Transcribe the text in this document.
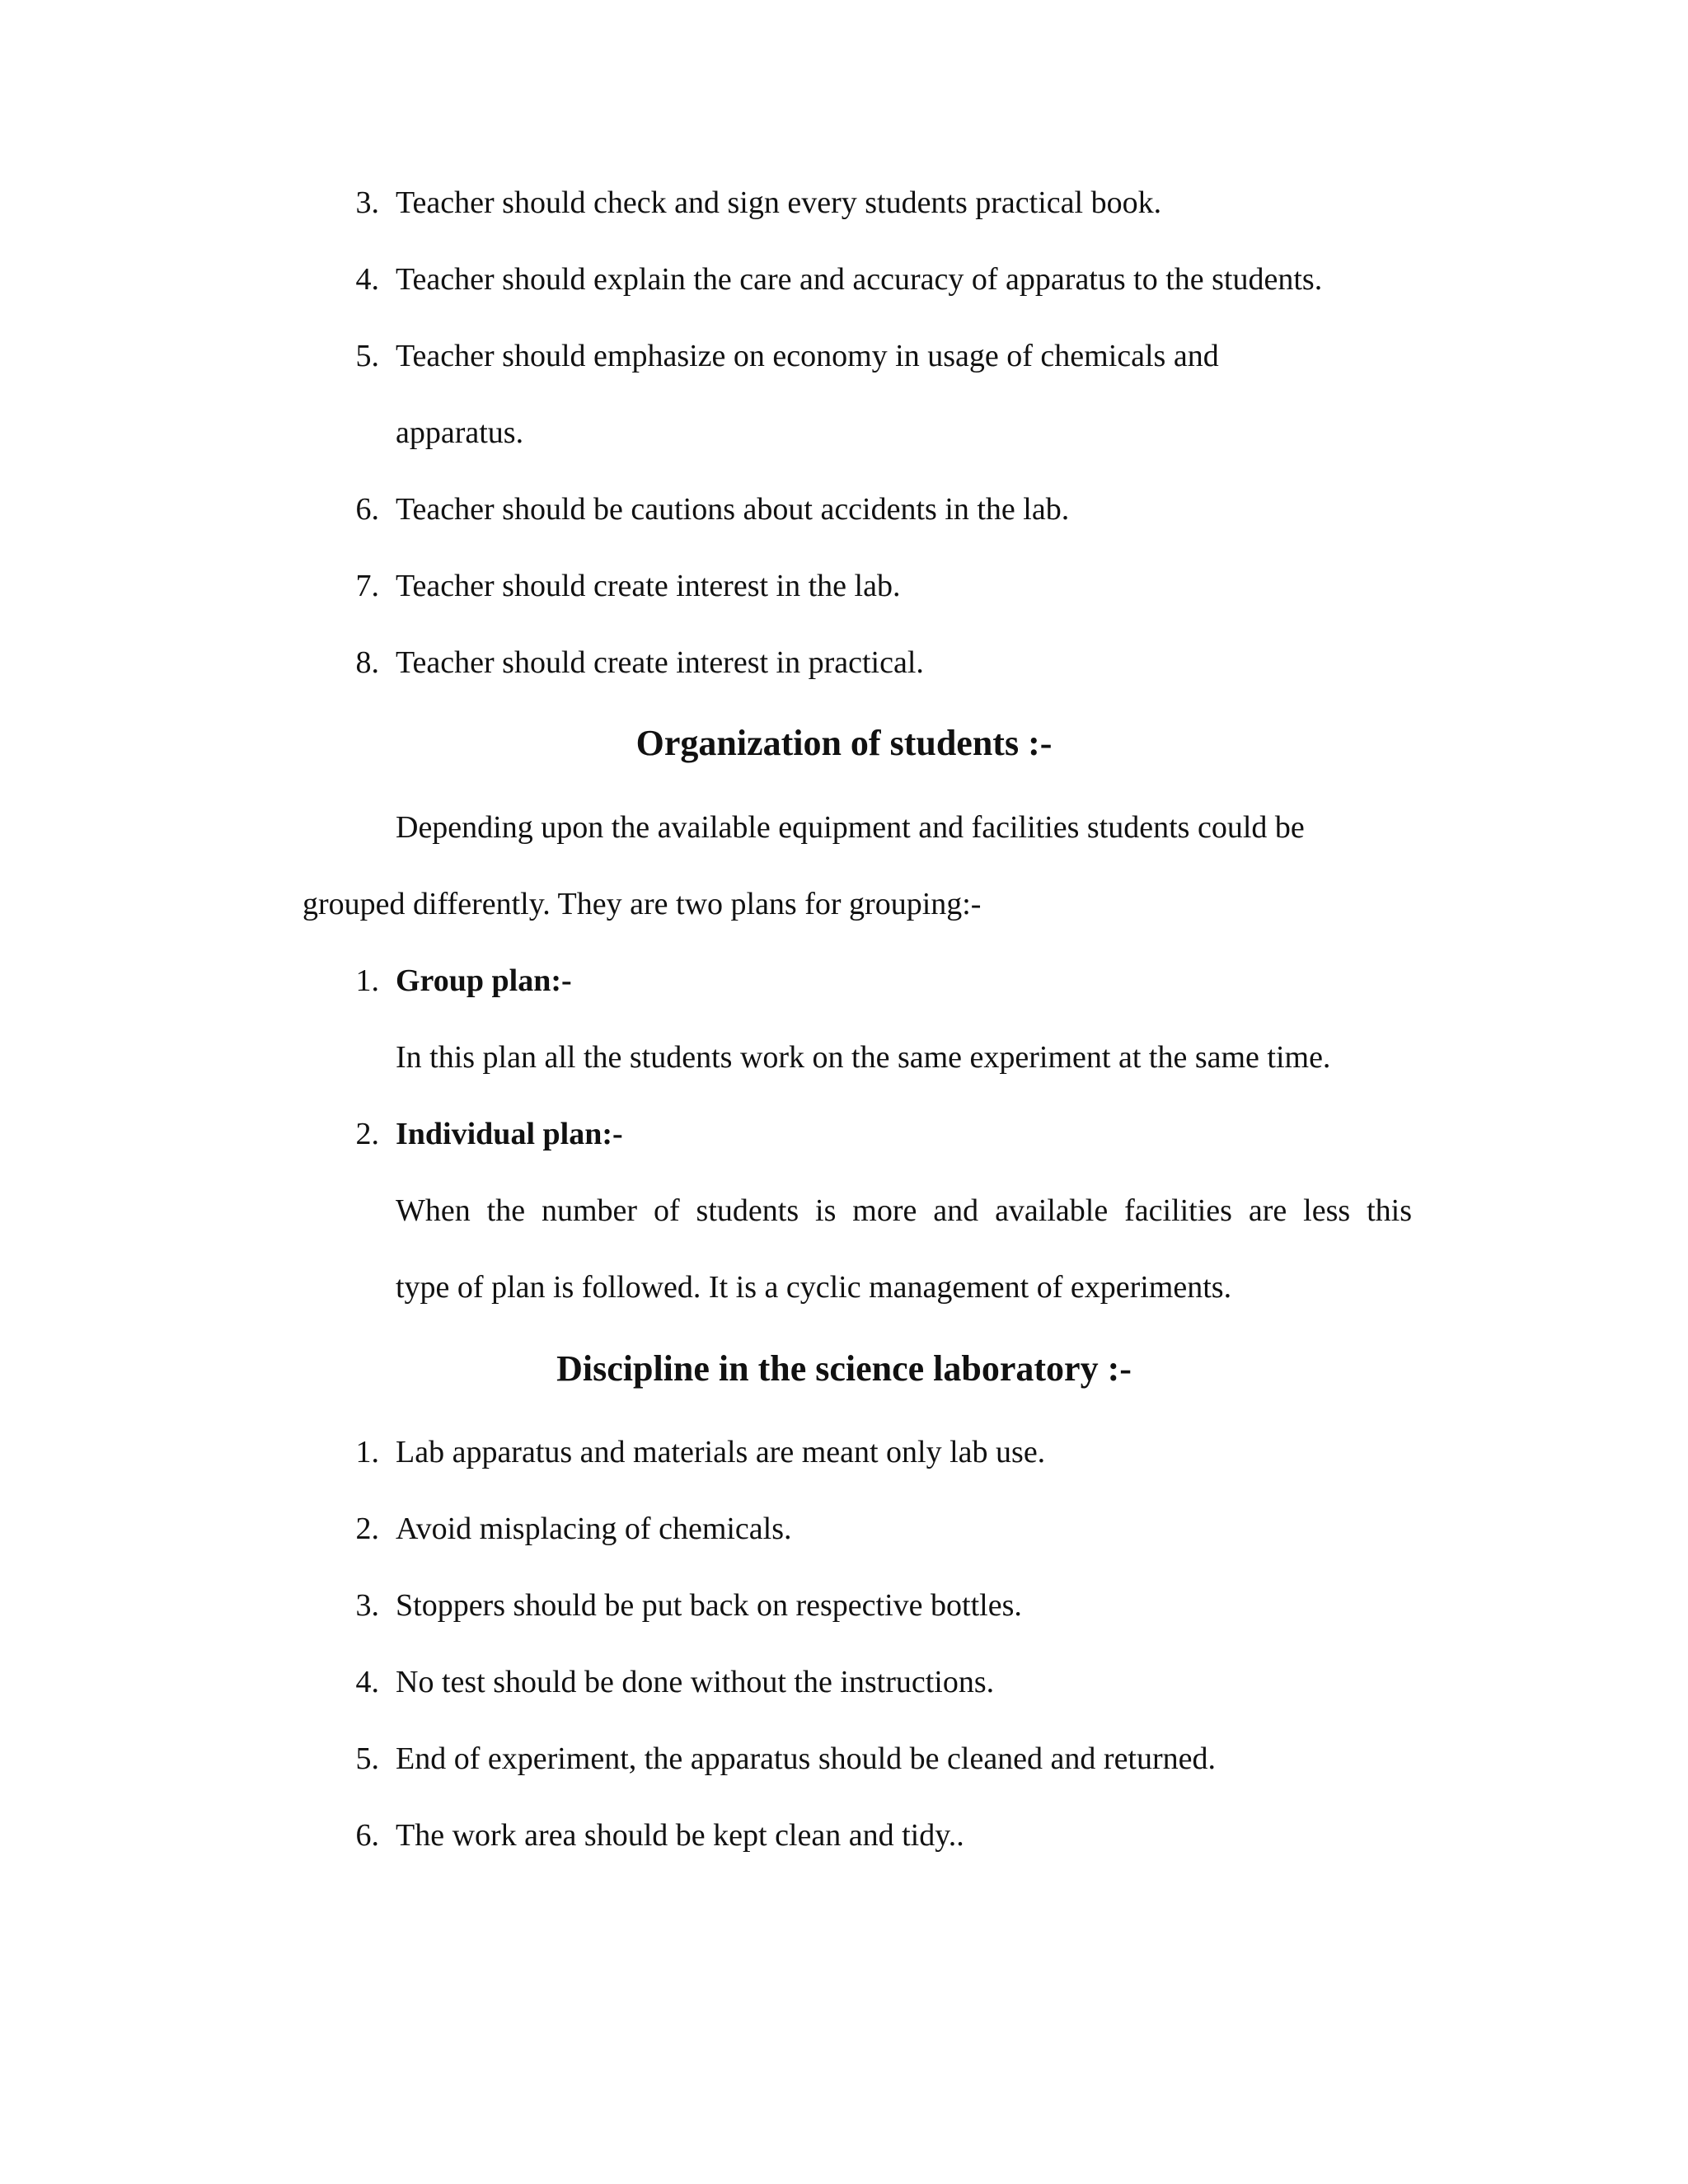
3. Teacher should check and sign every students practical book.
4. Teacher should explain the care and accuracy of apparatus to the students.
5. Teacher should emphasize on economy in usage of chemicals and
apparatus.
6. Teacher should be cautions about accidents in the lab.
7. Teacher should create interest in the lab.
8. Teacher should create interest in practical.
Organization of students :-
Depending upon the available equipment and facilities students could be
grouped differently. They are two plans for grouping:-
1. Group plan:-
In this plan all the students work on the same experiment at the same time.
2. Individual plan:-
When the number of students is more and available facilities are less this
type of plan is followed. It is a cyclic management of experiments.
Discipline in the science laboratory :-
1. Lab apparatus and materials are meant only lab use.
2. Avoid misplacing of chemicals.
3. Stoppers should be put back on respective bottles.
4. No test should be done without the instructions.
5. End of experiment, the apparatus should be cleaned and returned.
6. The work area should be kept clean and tidy..
